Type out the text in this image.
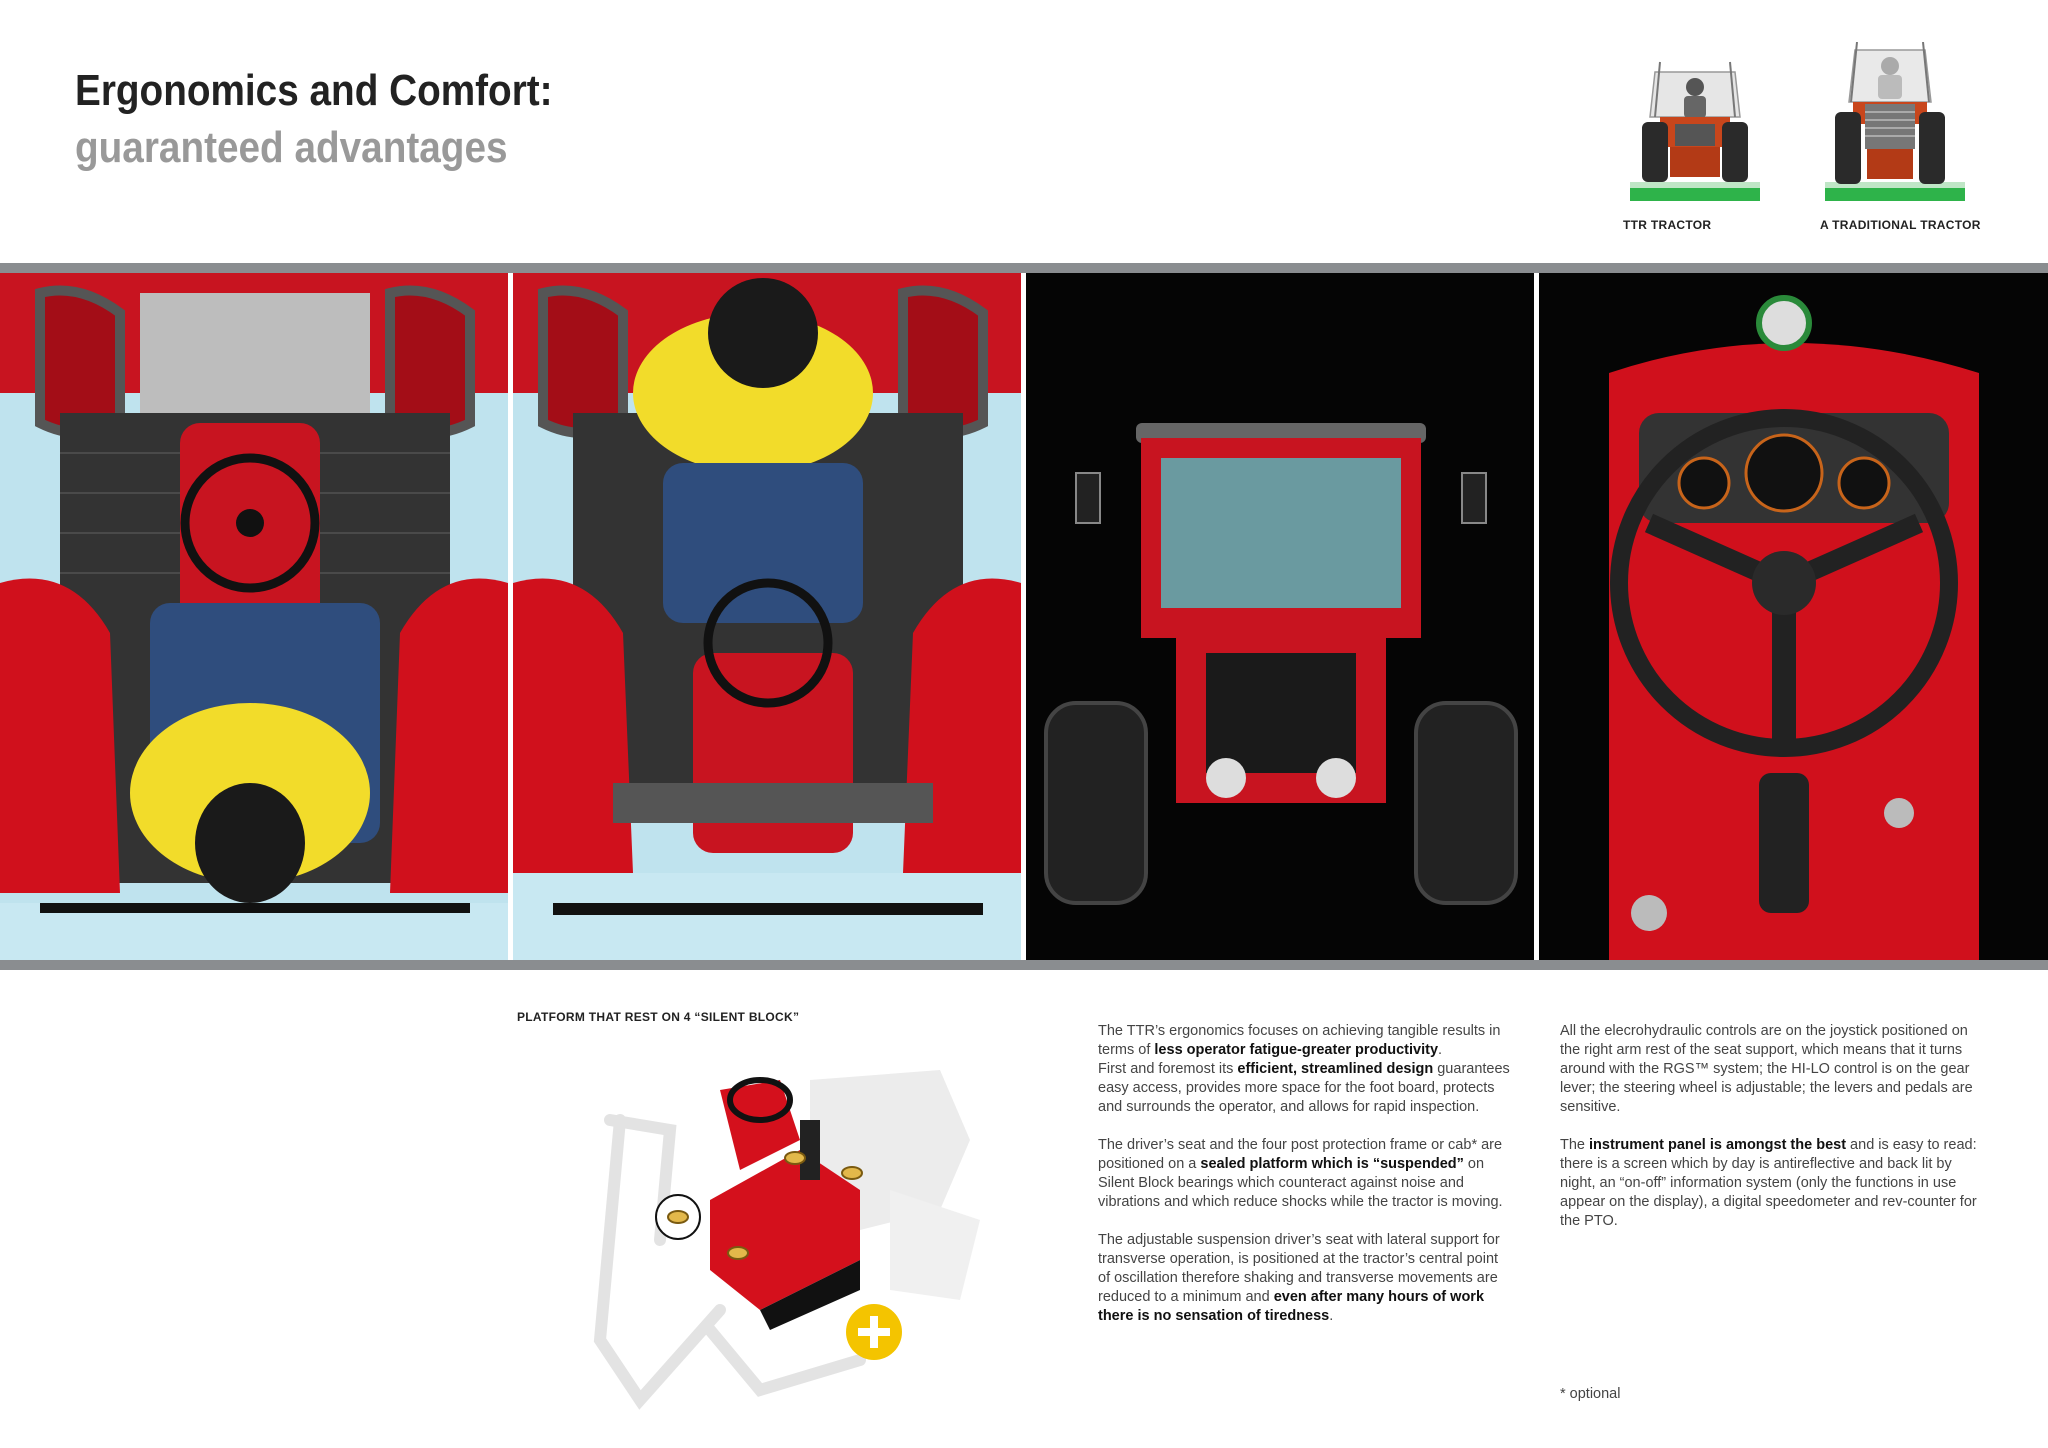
Ergonomics and Comfort:
guaranteed advantages
TTR TRACTOR	A TRADITIONAL TRACTOR
PLATFORM THAT REST ON 4 “SILENT BLOCK”

The TTR’s ergonomics focuses on achieving tangible results in terms of less operator fatigue-greater productivity.
First and foremost its efficient, streamlined design guarantees easy access, provides more space for the foot board, protects and surrounds the operator, and allows for rapid inspection.

The driver’s seat and the four post protection frame or cab* are positioned on a sealed platform which is “suspended” on Silent Block bearings which counteract against noise and vibrations and which reduce shocks while the tractor is moving.

The adjustable suspension driver’s seat with lateral support for transverse operation, is positioned at the tractor’s central point of oscillation therefore shaking and transverse movements are reduced to a minimum and even after many hours of work there is no sensation of tiredness.

All the elecrohydraulic controls are on the joystick positioned on the right arm rest of the seat support, which means that it turns around with the RGS™ system; the HI-LO control is on the gear lever; the steering wheel is adjustable; the levers and pedals are sensitive.

The instrument panel is amongst the best and is easy to read: there is a screen which by day is antireflective and back lit by night, an “on-off” information system (only the functions in use appear on the display), a digital speedometer and rev-counter for the PTO.

* optional
